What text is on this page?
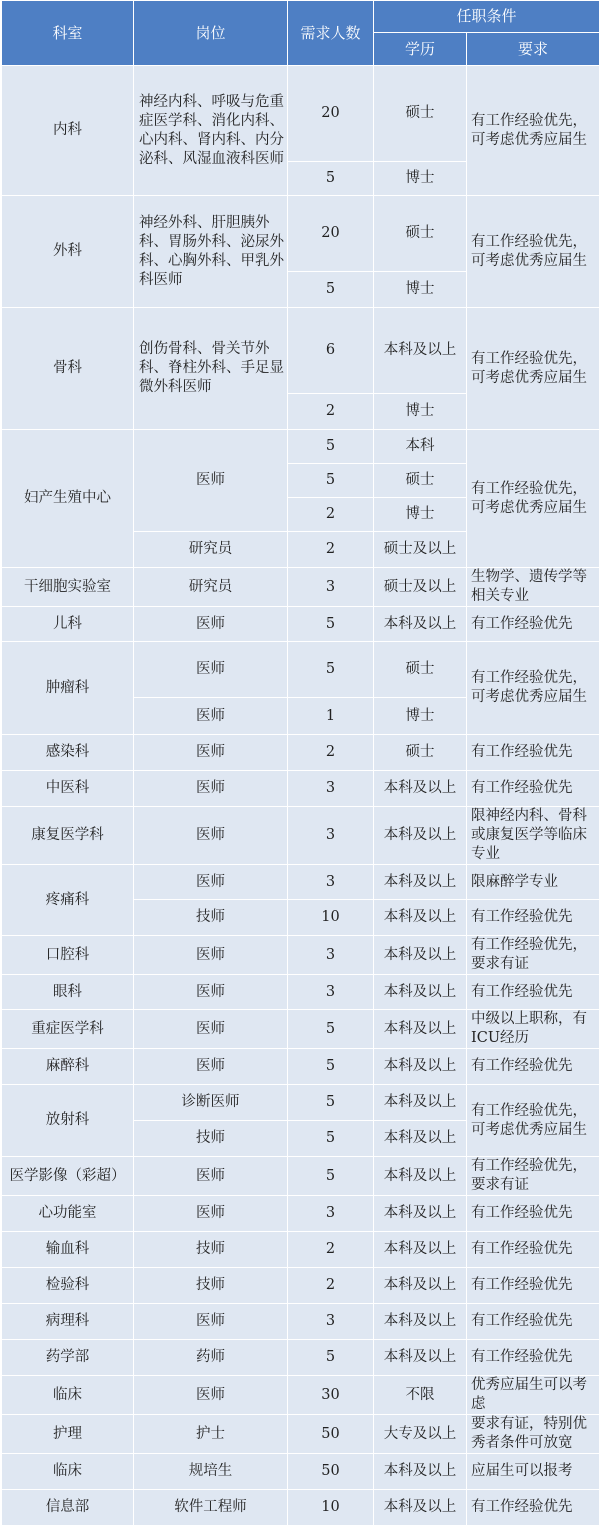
科室	岗位	需求人数	任职条件	
			学历	要求
内科	神经内科、呼吸与危重症医学科、消化内科、心内科、肾内科、内分泌科、风湿血液科医师	20	硕士	有工作经验优先，可考虑优秀应届生
		5	博士	
外科	神经外科、肝胆胰外科、胃肠外科、泌尿外科、心胸外科、甲乳外科医师	20	硕士	有工作经验优先，可考虑优秀应届生
		5	博士	
骨科	创伤骨科、骨关节外科、脊柱外科、手足显微外科医师	6	本科及以上	有工作经验优先，可考虑优秀应届生
		2	博士	
妇产生殖中心	医师	5	本科	有工作经验优先，可考虑优秀应届生
		5	硕士	
		2	博士	
	研究员	2	硕士及以上	
干细胞实验室	研究员	3	硕士及以上	生物学、遗传学等相关专业
儿科	医师	5	本科及以上	有工作经验优先
肿瘤科	医师	5	硕士	有工作经验优先，可考虑优秀应届生
	医师	1	博士	
感染科	医师	2	硕士	有工作经验优先
中医科	医师	3	本科及以上	有工作经验优先
康复医学科	医师	3	本科及以上	限神经内科、骨科或康复医学等临床专业
疼痛科	医师	3	本科及以上	限麻醉学专业
	技师	10	本科及以上	有工作经验优先
口腔科	医师	3	本科及以上	有工作经验优先，要求有证
眼科	医师	3	本科及以上	有工作经验优先
重症医学科	医师	5	本科及以上	中级以上职称，有ICU经历
麻醉科	医师	5	本科及以上	有工作经验优先
放射科	诊断医师	5	本科及以上	有工作经验优先，可考虑优秀应届生
	技师	5	本科及以上	
医学影像（彩超）	医师	5	本科及以上	有工作经验优先，要求有证
心功能室	医师	3	本科及以上	有工作经验优先
输血科	技师	2	本科及以上	有工作经验优先
检验科	技师	2	本科及以上	有工作经验优先
病理科	医师	3	本科及以上	有工作经验优先
药学部	药师	5	本科及以上	有工作经验优先
临床	医师	30	不限	优秀应届生可以考虑
护理	护士	50	大专及以上	要求有证，特别优秀者条件可放宽
临床	规培生	50	本科及以上	应届生可以报考
信息部	软件工程师	10	本科及以上	有工作经验优先
